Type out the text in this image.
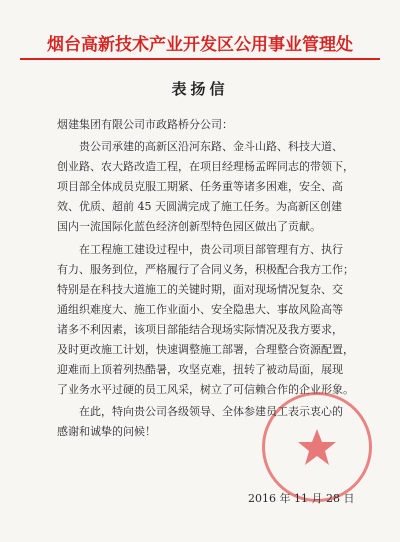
烟台高新技术产业开发区公用事业管理处
表扬信
烟建集团有限公司市政路桥分公司：
贵公司承建的高新区沿河东路、金斗山路、科技大道、
创业路、农大路改造工程，在项目经理杨孟晖同志的带领下，
项目部全体成员克服工期紧、任务重等诸多困难，安全、高
效、优质、超前 45 天圆满完成了施工任务。为高新区创建
国内一流国际化蓝色经济创新型特色园区做出了贡献。
在工程施工建设过程中，贵公司项目部管理有方、执行
有力、服务到位，严格履行了合同义务，积极配合我方工作；
特别是在科技大道施工的关键时期，面对现场情况复杂、交
通组织难度大、施工作业面小、安全隐患大、事故风险高等
诸多不利因素，该项目部能结合现场实际情况及我方要求，
及时更改施工计划，快速调整施工部署，合理整合资源配置，
迎难而上顶着列热酷暑，攻坚克难，扭转了被动局面，展现
了业务水平过硬的员工风采，树立了可信赖合作的企业形象。
在此，特向贵公司各级领导、全体参建员工表示衷心的
感谢和诚挚的问候！
2016 年 11 月 28 日
